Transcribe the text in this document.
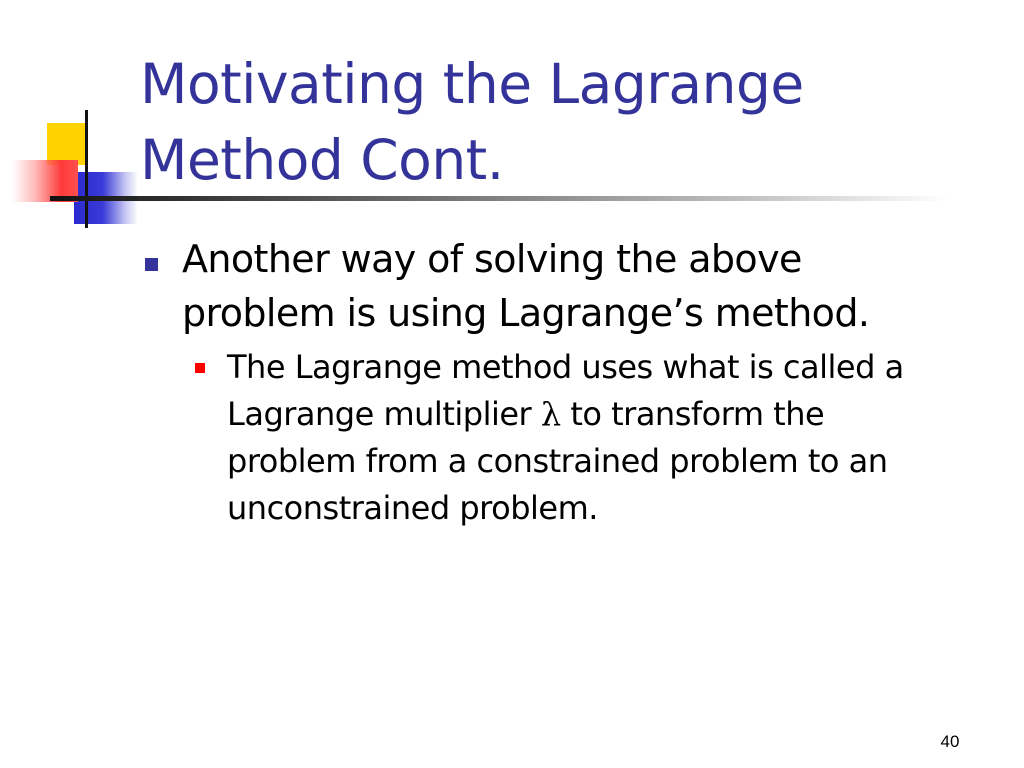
Motivating the Lagrange
Method Cont.
Another way of solving the above
problem is using Lagrange’s method.
The Lagrange method uses what is called a
Lagrange multiplier λ to transform the
problem from a constrained problem to an
unconstrained problem.
40
